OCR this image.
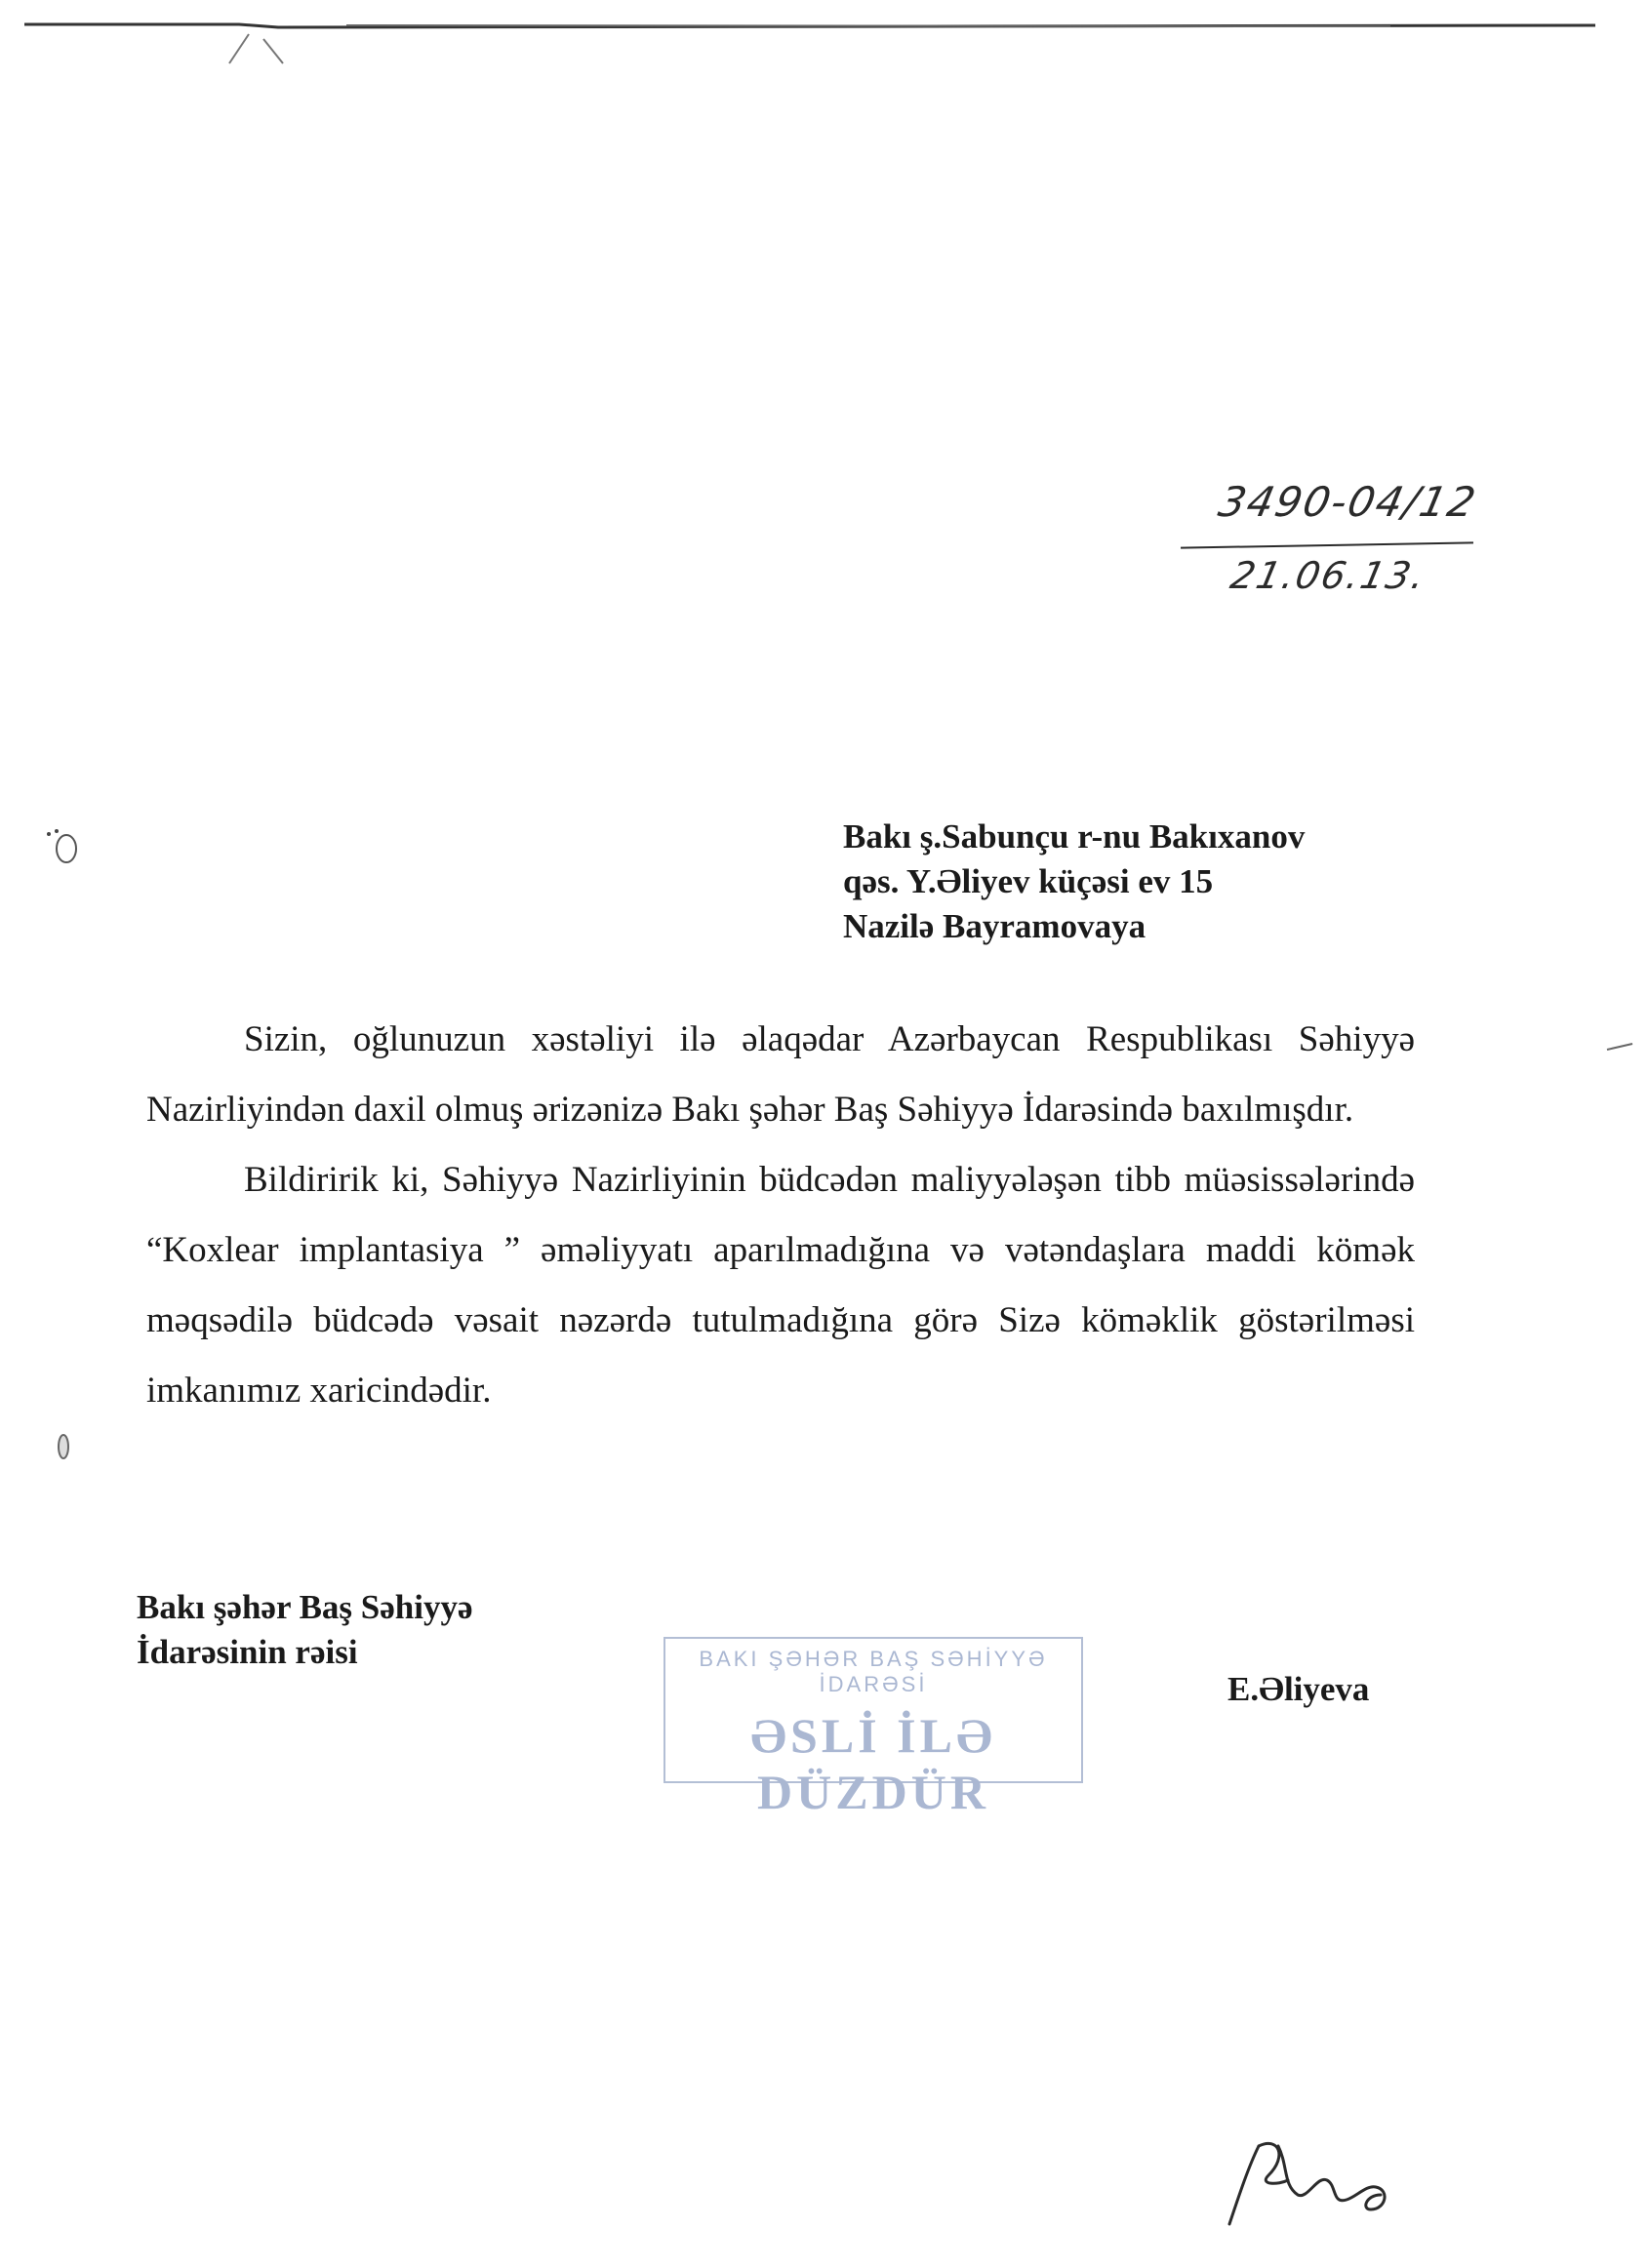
3490-04/12
21.06.13.
Bakı ş.Sabunçu r-nu Bakıxanov
qəs. Y.Əliyev küçəsi ev 15
Nazilə Bayramovaya

Sizin, oğlunuzun xəstəliyi ilə əlaqədar Azərbaycan Respublikası Səhiyyə Nazirliyindən daxil olmuş ərizənizə Bakı şəhər Baş Səhiyyə İdarəsində baxılmışdır.

Bildiririk ki, Səhiyyə Nazirliyinin büdcədən maliyyələşən tibb müəsissələrində “Koxlear implantasiya ” əməliyyatı aparılmadığına və vətəndaşlara maddi kömək məqsədilə büdcədə vəsait nəzərdə tutulmadığına görə Sizə köməklik göstərilməsi imkanımız xaricindədir.

Bakı şəhər Baş Səhiyyə
İdarəsinin rəisi	BAKI ŞƏHƏR BAŞ SƏHİYYƏ
İDARƏSİ
ƏSLİ İLƏ DÜZDÜR
E.Əliyeva
